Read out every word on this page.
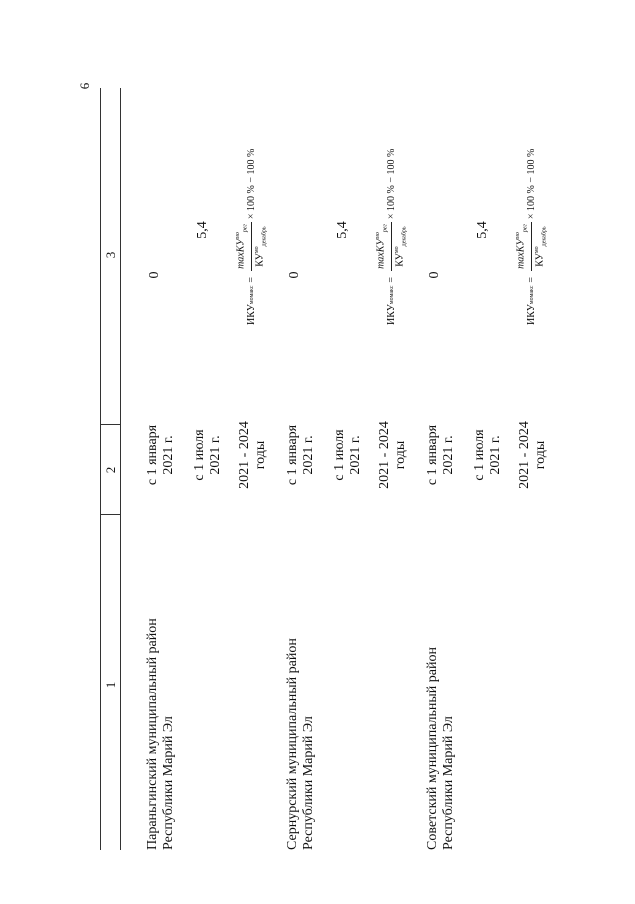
6
1
2
3
Параньгинский муниципальный район Республики Марий Эл
с 1 января 2021 г.
0
с 1 июля 2021 г.
5,4
2021 - 2024 годы
ИКУ
мо
макс
=
maxКУ$^{мо}_{рег}$
$КУ^{мо}_{декабрь}$
× 100 % − 100 %
Сернурский муниципальный район Республики Марий Эл
с 1 января 2021 г.
0
с 1 июля 2021 г.
5,4
2021 - 2024 годы
ИКУ
мо
макс
=
maxКУ$^{мо}_{рег}$
$КУ^{мо}_{декабрь}$
× 100 % − 100 %
Советский муниципальный район Республики Марий Эл
с 1 января 2021 г.
0
с 1 июля 2021 г.
5,4
2021 - 2024 годы
ИКУ
мо
макс
=
maxКУ$^{мо}_{рег}$
$КУ^{мо}_{декабрь}$
× 100 % − 100 %
